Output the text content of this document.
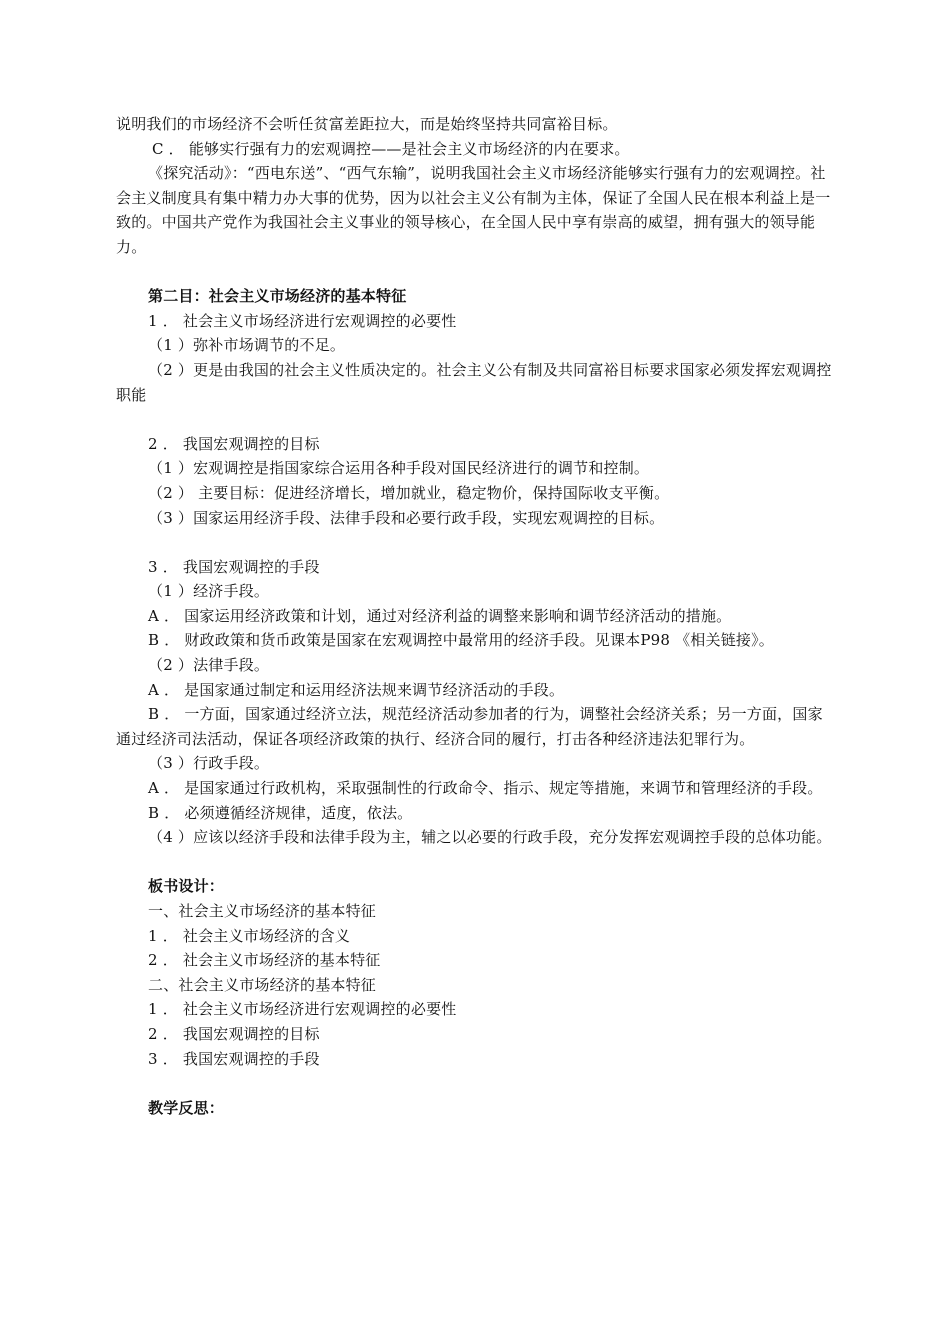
说明我们的市场经济不会听任贫富差距拉大，而是始终坚持共同富裕目标。

C ． 能够实行强有力的宏观调控——是社会主义市场经济的内在要求。

《探究活动》：“西电东送”、“西气东输”，说明我国社会主义市场经济能够实行强有力的宏观调控。社会主义制度具有集中精力办大事的优势，因为以社会主义公有制为主体，保证了全国人民在根本利益上是一致的。中国共产党作为我国社会主义事业的领导核心，在全国人民中享有崇高的威望，拥有强大的领导能力。

第二目：社会主义市场经济的基本特征

1 ． 社会主义市场经济进行宏观调控的必要性

（1 ）弥补市场调节的不足。

（2 ）更是由我国的社会主义性质决定的。社会主义公有制及共同富裕目标要求国家必须发挥宏观调控职能

2 ． 我国宏观调控的目标

（1 ）宏观调控是指国家综合运用各种手段对国民经济进行的调节和控制。

（2 ） 主要目标：促进经济增长，增加就业，稳定物价，保持国际收支平衡。

（3 ）国家运用经济手段、法律手段和必要行政手段，实现宏观调控的目标。

3 ． 我国宏观调控的手段

（1 ）经济手段。

A ． 国家运用经济政策和计划，通过对经济利益的调整来影响和调节经济活动的措施。

B ． 财政政策和货币政策是国家在宏观调控中最常用的经济手段。见课本P98 《相关链接》。

（2 ）法律手段。

A ． 是国家通过制定和运用经济法规来调节经济活动的手段。

B ． 一方面，国家通过经济立法，规范经济活动参加者的行为，调整社会经济关系；另一方面，国家通过经济司法活动，保证各项经济政策的执行、经济合同的履行，打击各种经济违法犯罪行为。

（3 ）行政手段。

A ． 是国家通过行政机构，采取强制性的行政命令、指示、规定等措施，来调节和管理经济的手段。

B ． 必须遵循经济规律，适度，依法。

（4 ）应该以经济手段和法律手段为主，辅之以必要的行政手段，充分发挥宏观调控手段的总体功能。

板书设计：

一、社会主义市场经济的基本特征

1 ． 社会主义市场经济的含义

2 ． 社会主义市场经济的基本特征

二、社会主义市场经济的基本特征

1 ． 社会主义市场经济进行宏观调控的必要性

2 ． 我国宏观调控的目标

3 ． 我国宏观调控的手段

教学反思：
